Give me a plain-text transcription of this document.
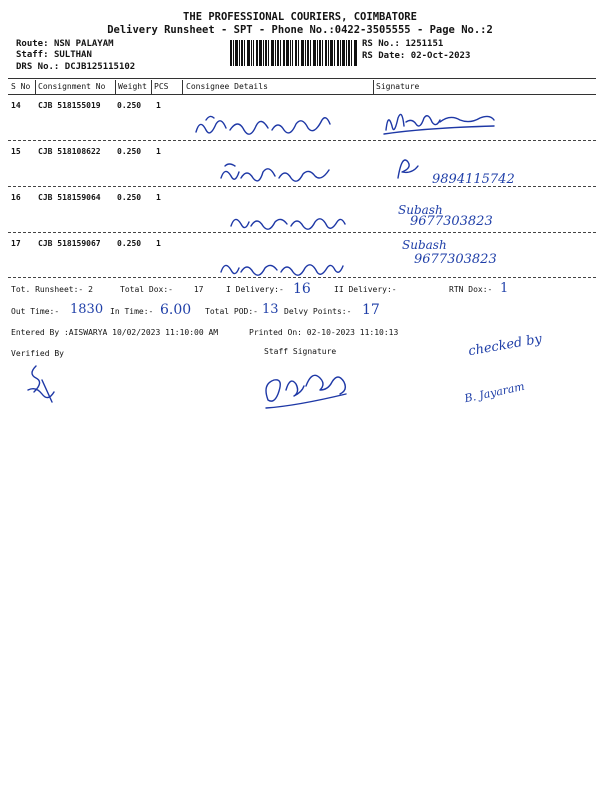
THE PROFESSIONAL COURIERS, COIMBATORE
Delivery Runsheet - SPT - Phone No.:0422-3505555 - Page No.:2
Route: NSN PALAYAM
Staff: SULTHAN
DRS No.: DCJB125115102
RS No.: 1251151
RS Date: 02-Oct-2023
S No Consignment No Weight PCS Consignee Details	Signature
14 CJB 518155019 0.250 1
15 CJB 518108622 0.250 1
9894115742
16 CJB 518159064 0.250 1
Subash
9677303823
17 CJB 518159067 0.250 1	Subash
9677303823
Tot. Runsheet:- 2	Total Dox:-	17	I Delivery:- 16	II Delivery:-	RTN Dox:- 1
Out Time:- 1830 In Time:- 6.00 Total POD:- 13 Delvy Points:- 17
Entered By :AISWARYA 10/02/2023 11:10:00 AM	Printed On: 02-10-2023 11:10:13
Verified By	Staff Signature	checked by
B. Jayaram
